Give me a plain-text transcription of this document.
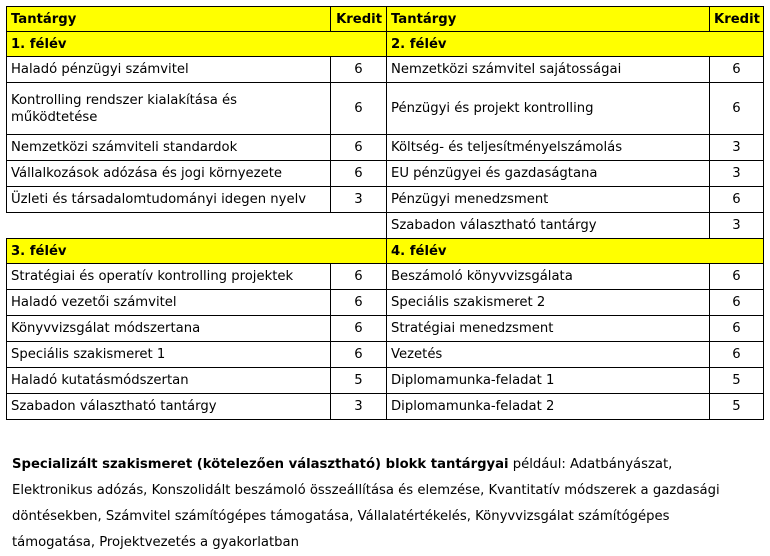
Tantárgy	Kredit	Tantárgy	Kredit
1. félév		2. félév	
Haladó pénzügyi számvitel	6	Nemzetközi számvitel sajátosságai	6
Kontrolling rendszer kialakítása és működtetése	6	Pénzügyi és projekt kontrolling	6
Nemzetközi számviteli standardok	6	Költség- és teljesítményelszámolás	3
Vállalkozások adózása és jogi környezete	6	EU pénzügyei és gazdaságtana	3
Üzleti és társadalomtudományi idegen nyelv	3	Pénzügyi menedzsment	6
		Szabadon választható tantárgy	3
3. félév		4. félév	
Stratégiai és operatív kontrolling projektek	6	Beszámoló könyvvizsgálata	6
Haladó vezetői számvitel	6	Speciális szakismeret 2	6
Könyvvizsgálat módszertana	6	Stratégiai menedzsment	6
Speciális szakismeret 1	6	Vezetés	6
Haladó kutatásmódszertan	5	Diplomamunka-feladat 1	5
Szabadon választható tantárgy	3	Diplomamunka-feladat 2	5
Specializált szakismeret (kötelezően választható) blokk tantárgyai például: Adatbányászat, Elektronikus adózás, Konszolidált beszámoló összeállítása és elemzése, Kvantitatív módszerek a gazdasági döntésekben, Számvitel számítógépes támogatása, Vállalatértékelés, Könyvvizsgálat számítógépes támogatása, Projektvezetés a gyakorlatban
